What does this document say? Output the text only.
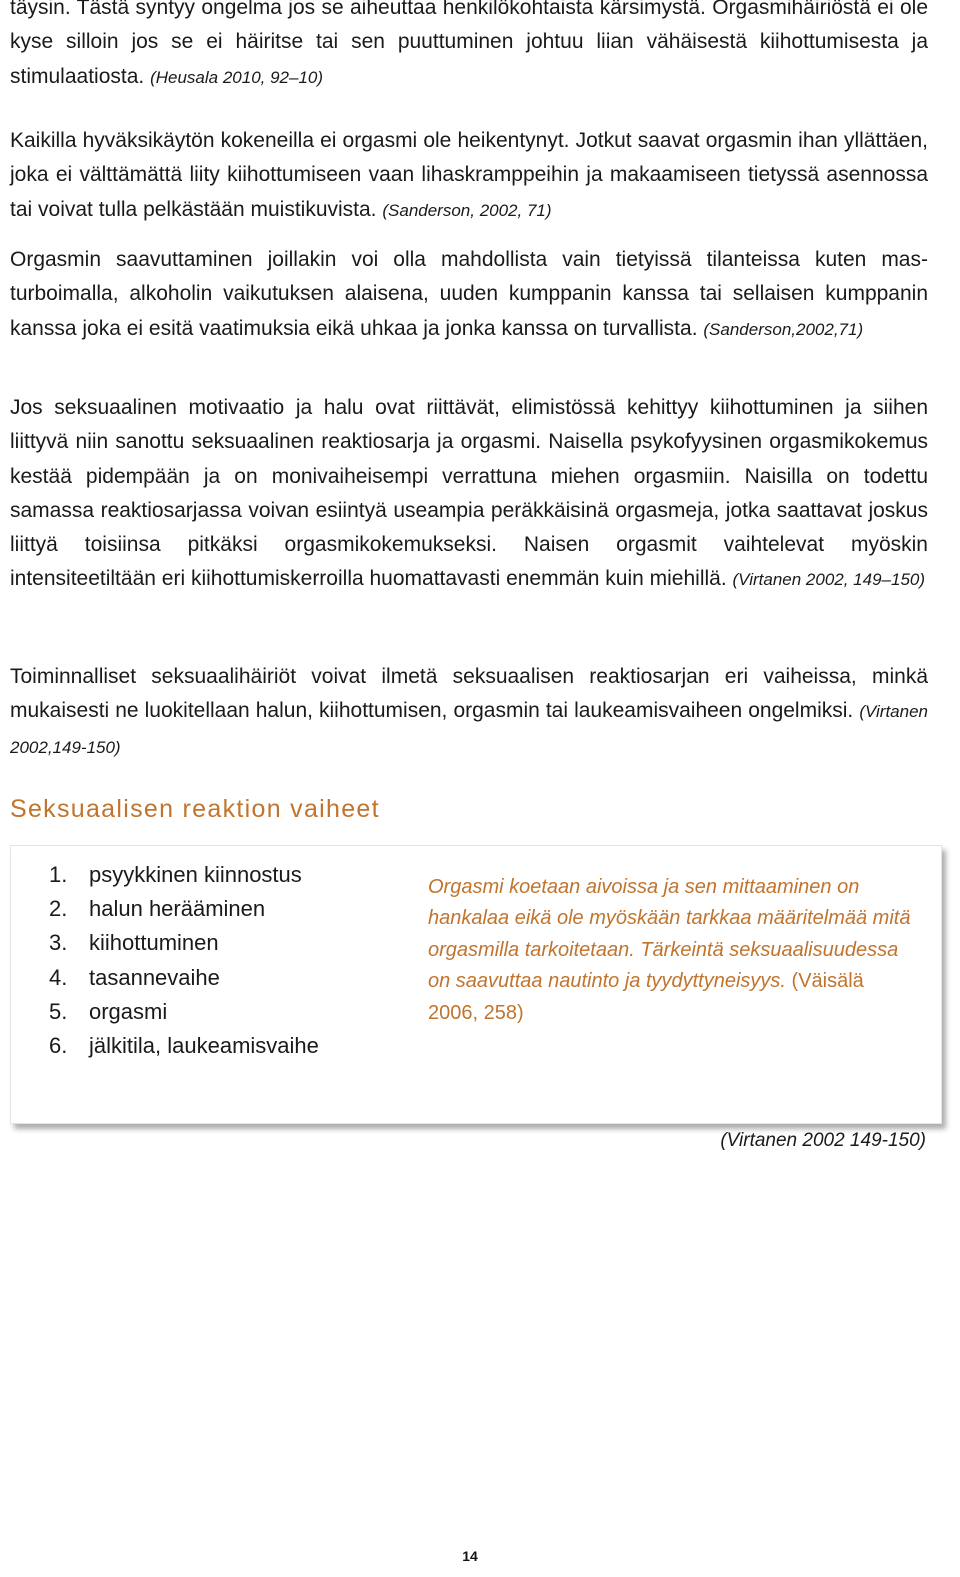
täysin. Tästä syntyy ongelma jos se aiheuttaa henkilökohtaista kärsimystä. Orgasmihäiriöstä ei ole kyse silloin jos se ei häiritse tai sen puuttuminen johtuu liian vähäisestä kiihottumisesta ja stimulaatiosta. (Heusala 2010, 92–10)

Kaikilla hyväksikäytön kokeneilla ei orgasmi ole heikentynyt. Jotkut saavat orgasmin ihan yllättäen, joka ei välttämättä liity kiihottumiseen vaan lihaskramppeihin ja makaamiseen tietyssä asennossa tai voivat tulla pelkästään muistikuvista. (Sanderson, 2002, 71)

Orgasmin saavuttaminen joillakin voi olla mahdollista vain tietyissä tilanteissa kuten masturboimalla, alkoholin vaikutuksen alaisena, uuden kumppanin kanssa tai sellaisen kumppanin kanssa joka ei esitä vaatimuksia eikä uhkaa ja jonka kanssa on turvallista. (Sanderson,2002,71)

Jos seksuaalinen motivaatio ja halu ovat riittävät, elimistössä kehittyy kiihottuminen ja siihen liittyvä niin sanottu seksuaalinen reaktiosarja ja orgasmi. Naisella psykofyysinen orgasmikokemus kestää pidempään ja on monivaiheisempi verrattuna miehen orgasmiin. Naisilla on todettu samassa reaktiosarjassa voivan esiintyä useampia peräkkäisinä orgasmeja, jotka saattavat joskus liittyä toisiinsa pitkäksi orgasmikokemukseksi. Naisen orgasmit vaihtelevat myöskin intensiteetiltään eri kiihottumiskerroilla huomattavasti enemmän kuin miehillä. (Virtanen 2002, 149–150)

Toiminnalliset seksuaalihäiriöt voivat ilmetä seksuaalisen reaktiosarjan eri vaiheissa, minkä mukaisesti ne luokitellaan halun, kiihottumisen, orgasmin tai laukeamisvaiheen ongelmiksi. (Virtanen 2002,149-150)

Seksuaalisen reaktion vaiheet
1. psyykkinen kiinnostus
2. halun herääminen
3. kiihottuminen
4. tasannevaihe
5. orgasmi
6. jälkitila, laukeamisvaihe

Orgasmi koetaan aivoissa ja sen mittaaminen on hankalaa eikä ole myöskään tarkkaa määritelmää mitä orgasmilla tarkoitetaan. Tärkeintä seksuaalisuudessa on saavuttaa nautinto ja tyydyttyneisyys. (Väisälä 2006, 258)

(Virtanen 2002 149-150)

14
